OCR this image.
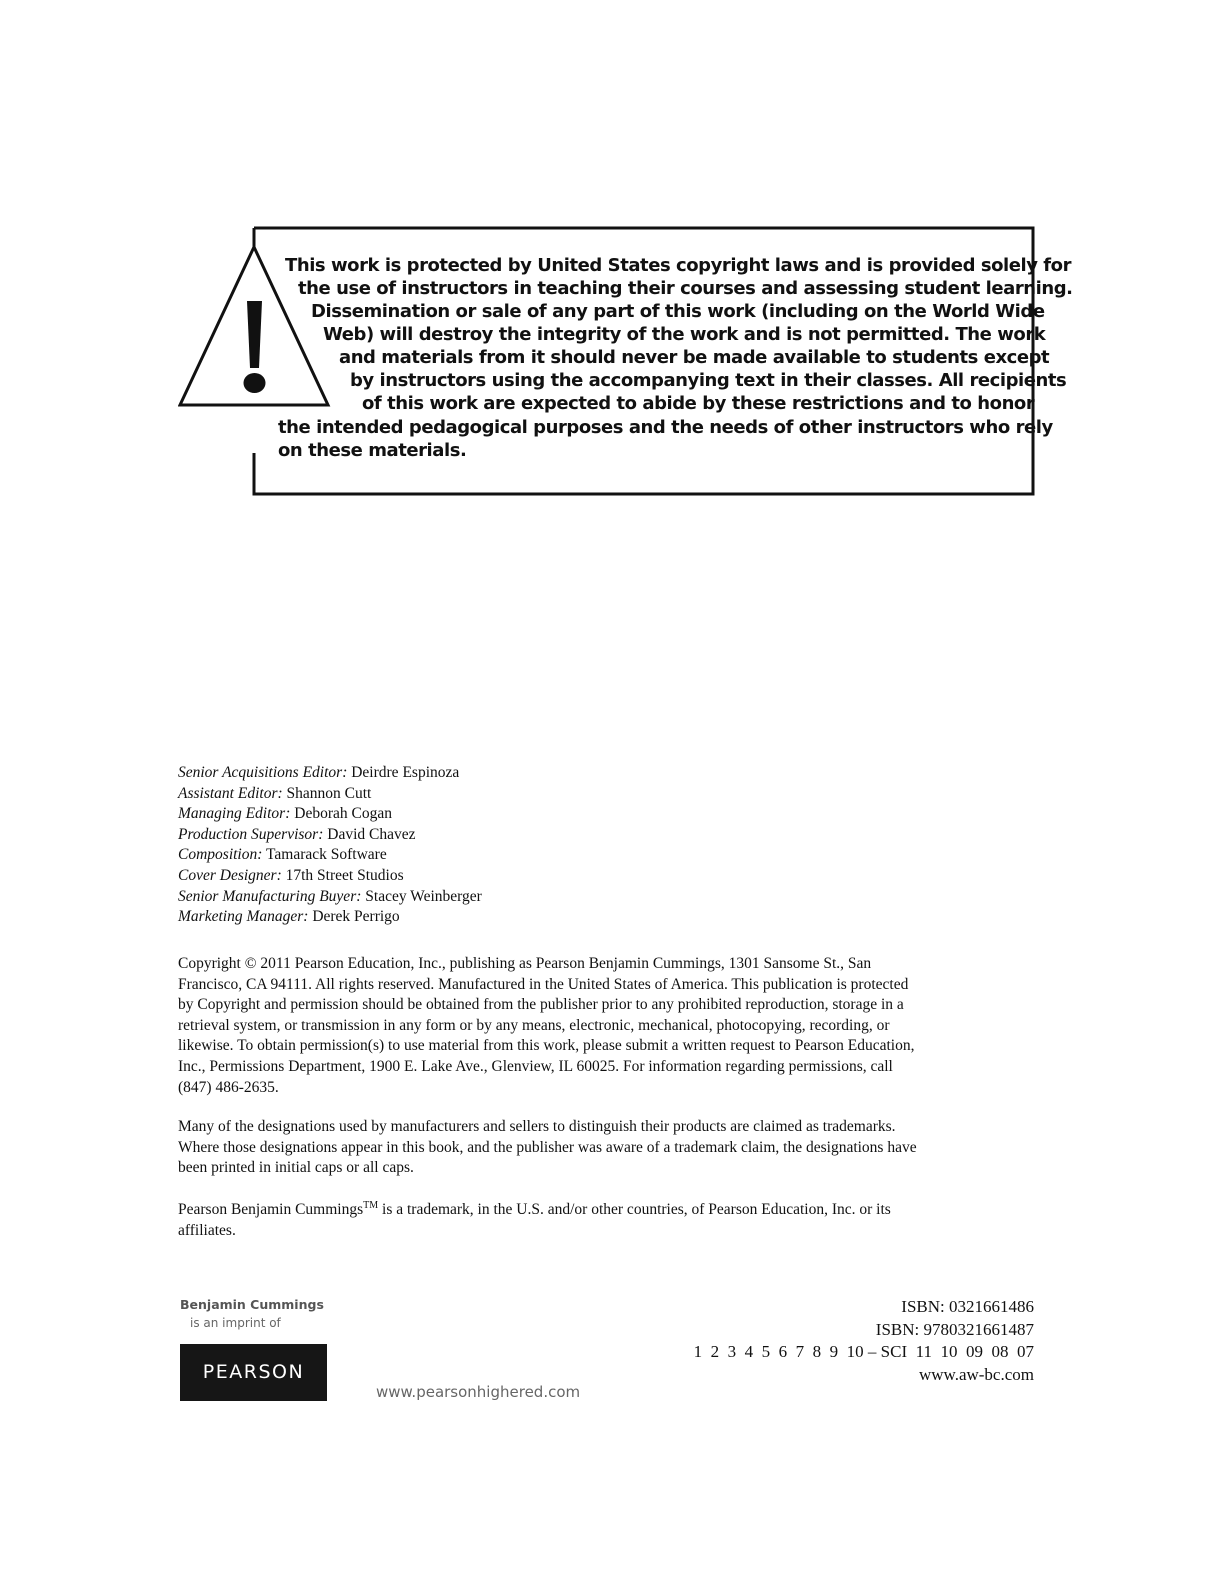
This work is protected by United States copyright laws and is provided solely for
the use of instructors in teaching their courses and assessing student learning.
Dissemination or sale of any part of this work (including on the World Wide
Web) will destroy the integrity of the work and is not permitted. The work
and materials from it should never be made available to students except
by instructors using the accompanying text in their classes. All recipients
of this work are expected to abide by these restrictions and to honor
the intended pedagogical purposes and the needs of other instructors who rely
on these materials.
Senior Acquisitions Editor: Deirdre Espinoza
Assistant Editor: Shannon Cutt
Managing Editor: Deborah Cogan
Production Supervisor: David Chavez
Composition: Tamarack Software
Cover Designer: 17th Street Studios
Senior Manufacturing Buyer: Stacey Weinberger
Marketing Manager: Derek Perrigo
Copyright © 2011 Pearson Education, Inc., publishing as Pearson Benjamin Cummings, 1301 Sansome St., San
Francisco, CA 94111. All rights reserved. Manufactured in the United States of America. This publication is protected
by Copyright and permission should be obtained from the publisher prior to any prohibited reproduction, storage in a
retrieval system, or transmission in any form or by any means, electronic, mechanical, photocopying, recording, or
likewise. To obtain permission(s) to use material from this work, please submit a written request to Pearson Education,
Inc., Permissions Department, 1900 E. Lake Ave., Glenview, IL 60025. For information regarding permissions, call
(847) 486-2635.
Many of the designations used by manufacturers and sellers to distinguish their products are claimed as trademarks.
Where those designations appear in this book, and the publisher was aware of a trademark claim, the designations have
been printed in initial caps or all caps.
Pearson Benjamin Cummings™ is a trademark, in the U.S. and/or other countries, of Pearson Education, Inc. or its
affiliates.
Benjamin Cummings
is an imprint of
PEARSON
www.pearsonhighered.com
ISBN: 0321661486
ISBN: 9780321661487
1  2  3  4  5  6  7  8  9  10 – SCI  11  10  09  08  07
www.aw-bc.com
